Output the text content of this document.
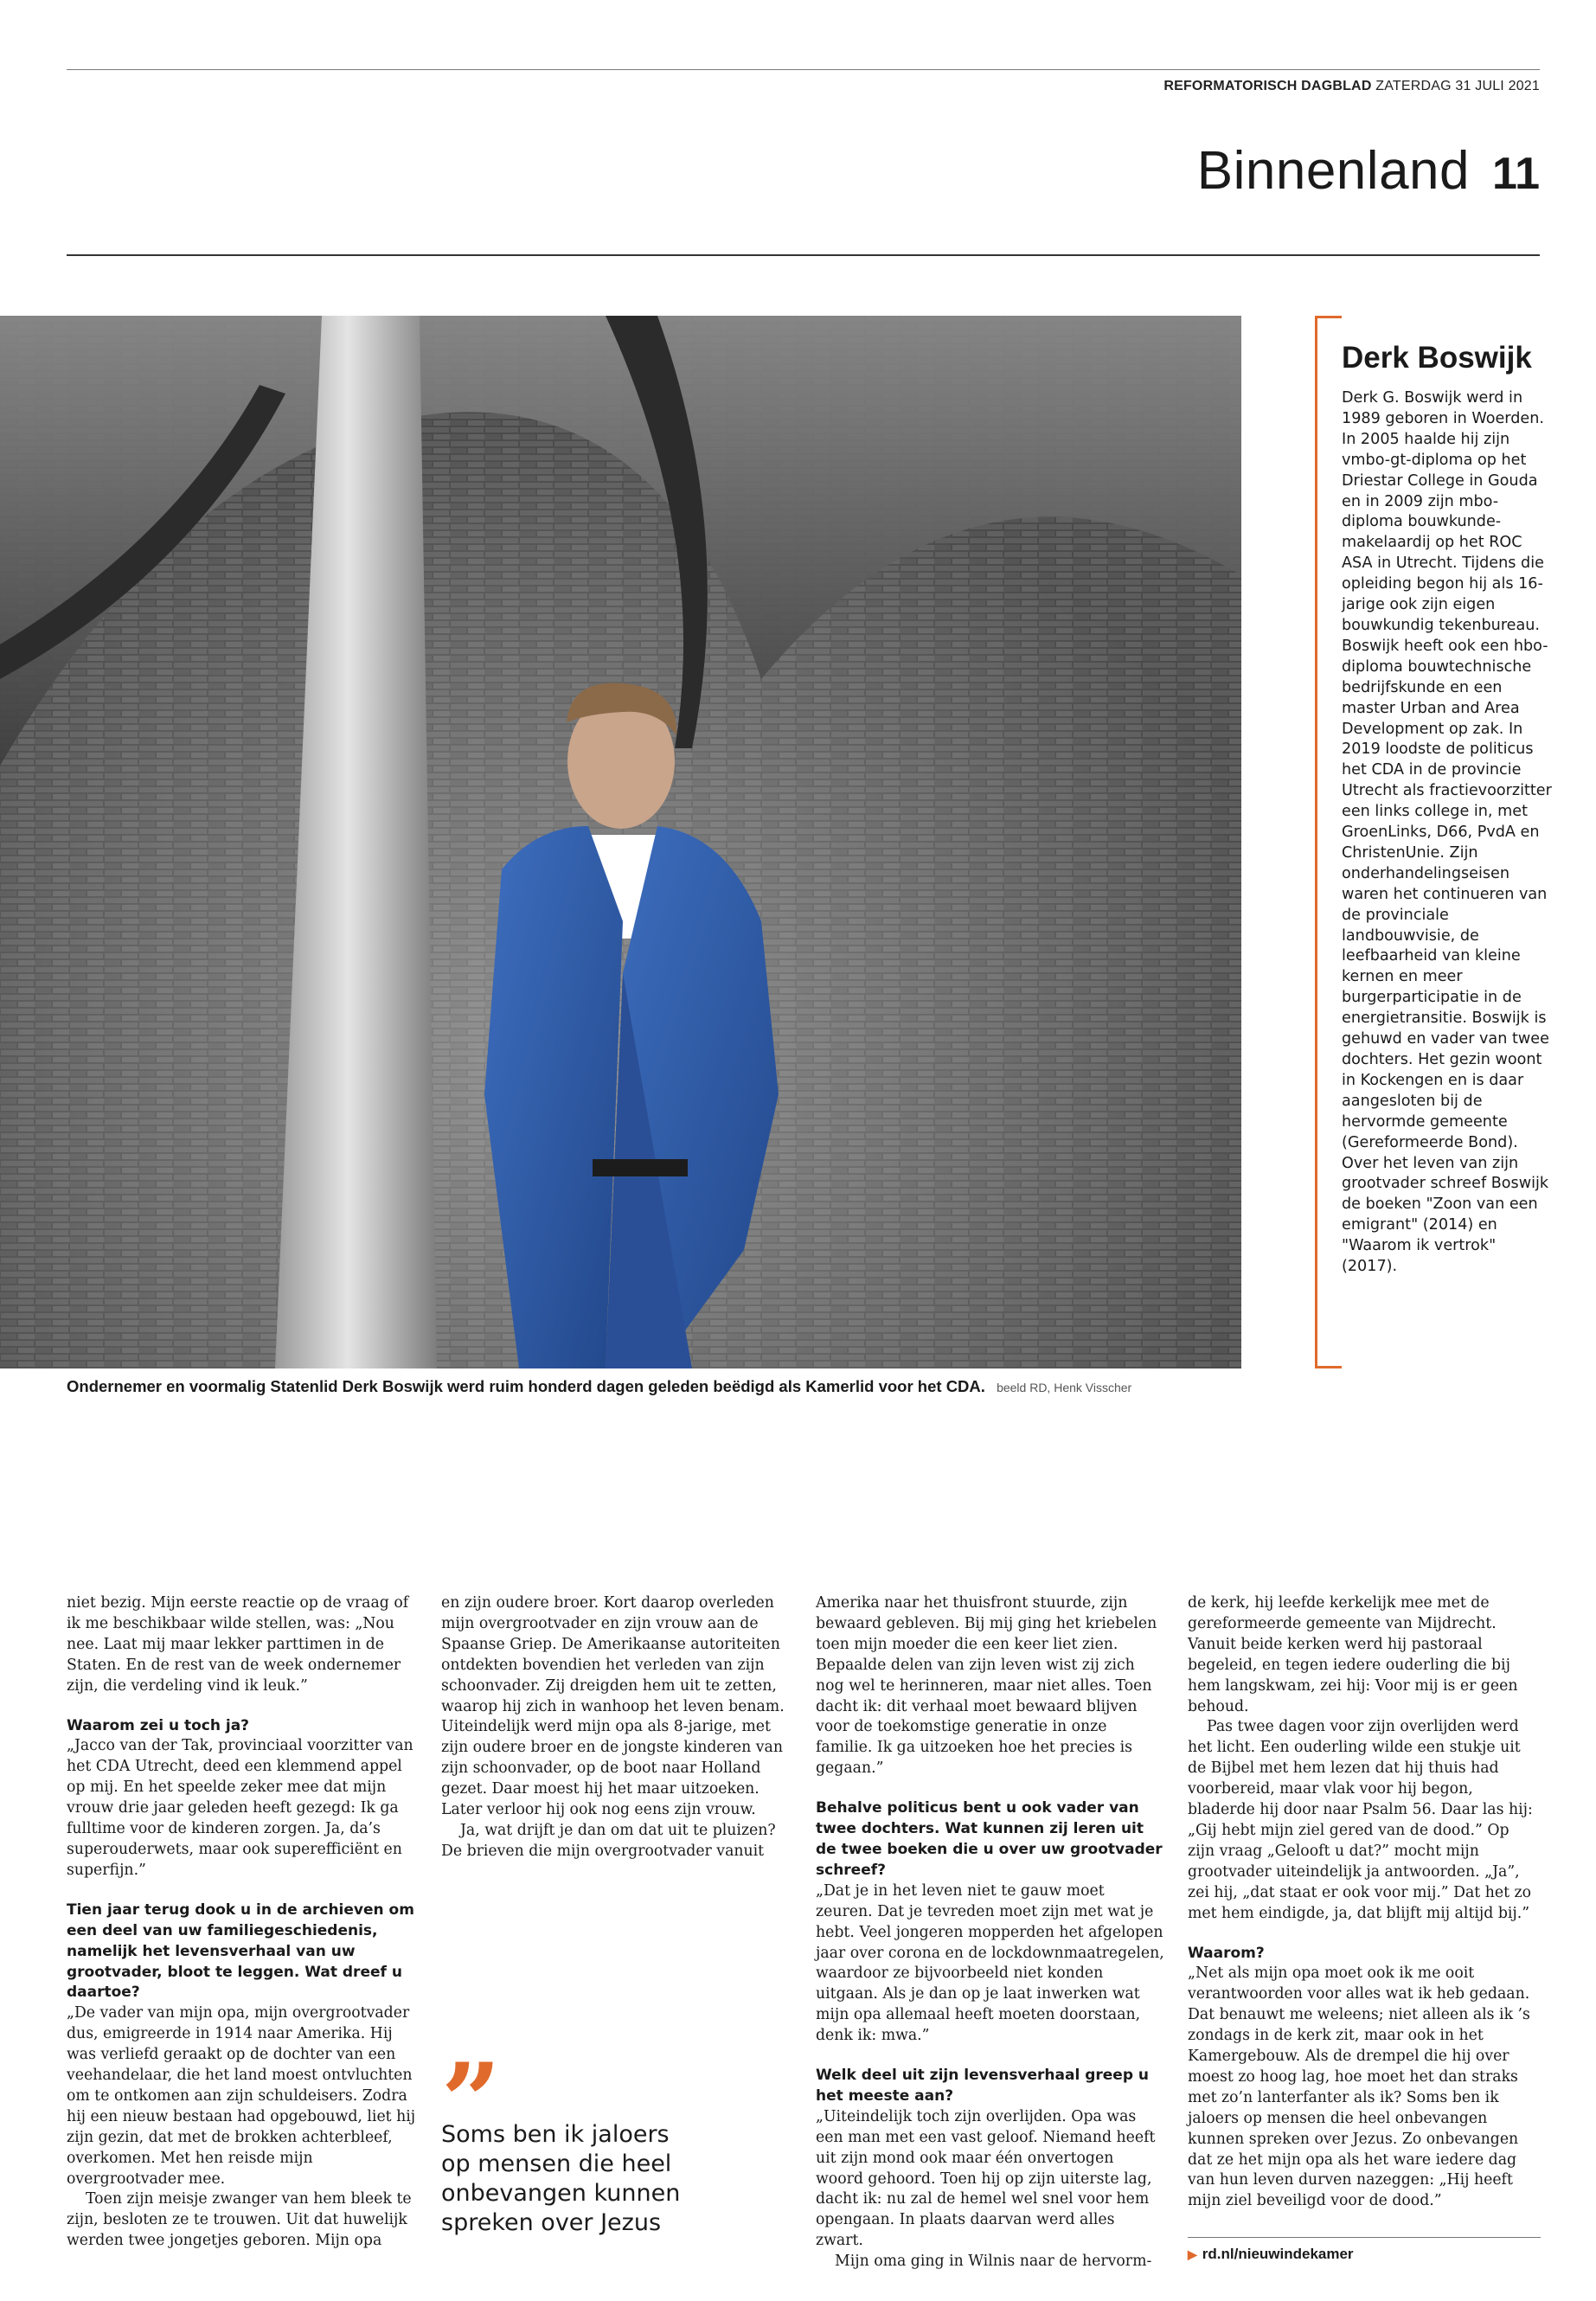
REFORMATORISCH DAGBLAD ZATERDAG 31 JULI 2021
Binnenland 11
Ondernemer en voormalig Statenlid Derk Boswijk werd ruim honderd dagen geleden beëdigd als Kamerlid voor het CDA. beeld RD, Henk Visscher
Derk Boswijk
Derk G. Boswijk werd in 1989 geboren in Woerden. In 2005 haalde hij zijn vmbo-gt-diploma op het Driestar College in Gouda en in 2009 zijn mbo-diploma bouwkunde-makelaardij op het ROC ASA in Utrecht. Tijdens die opleiding begon hij als 16-jarige ook zijn eigen bouwkundig tekenbureau. Boswijk heeft ook een hbo-diploma bouwtechnische bedrijfskunde en een master Urban and Area Development op zak. In 2019 loodste de politicus het CDA in de provincie Utrecht als fractievoorzitter een links college in, met GroenLinks, D66, PvdA en ChristenUnie. Zijn onderhandelingseisen waren het continueren van de provinciale landbouwvisie, de leefbaarheid van kleine kernen en meer burgerparticipatie in de energietransitie. Boswijk is gehuwd en vader van twee dochters. Het gezin woont in Kockengen en is daar aangesloten bij de hervormde gemeente (Gereformeerde Bond). Over het leven van zijn grootvader schreef Boswijk de boeken "Zoon van een emigrant" (2014) en "Waarom ik vertrok" (2017).

niet bezig. Mijn eerste reactie op de vraag of ik me beschikbaar wilde stellen, was: „Nou nee. Laat mij maar lekker parttimen in de Staten. En de rest van de week ondernemer zijn, die verdeling vind ik leuk.”

Waarom zei u toch ja?

„Jacco van der Tak, provinciaal voorzitter van het CDA Utrecht, deed een klemmend appel op mij. En het speelde zeker mee dat mijn vrouw drie jaar geleden heeft gezegd: Ik ga fulltime voor de kinderen zorgen. Ja, da’s superouderwets, maar ook superefficiënt en superfijn.”

Tien jaar terug dook u in de archieven om een deel van uw familiegeschiedenis, namelijk het levensverhaal van uw grootvader, bloot te leggen. Wat dreef u daartoe?

„De vader van mijn opa, mijn overgrootvader dus, emigreerde in 1914 naar Amerika. Hij was verliefd geraakt op de dochter van een veehandelaar, die het land moest ontvluchten om te ontkomen aan zijn schuldeisers. Zodra hij een nieuw bestaan had opgebouwd, liet hij zijn gezin, dat met de brokken achterbleef, overkomen. Met hen reisde mijn overgrootvader mee.

Toen zijn meisje zwanger van hem bleek te zijn, besloten ze te trouwen. Uit dat huwelijk werden twee jongetjes geboren. Mijn opa

en zijn oudere broer. Kort daarop overleden mijn overgrootvader en zijn vrouw aan de Spaanse Griep. De Amerikaanse autoriteiten ontdekten bovendien het verleden van zijn schoonvader. Zij dreigden hem uit te zetten, waarop hij zich in wanhoop het leven benam. Uiteindelijk werd mijn opa als 8-jarige, met zijn oudere broer en de jongste kinderen van zijn schoonvader, op de boot naar Holland gezet. Daar moest hij het maar uitzoeken. Later verloor hij ook nog eens zijn vrouw.

Ja, wat drijft je dan om dat uit te pluizen? De brieven die mijn overgrootvader vanuit

”
Soms ben ik jaloers op mensen die heel onbevangen kunnen spreken over Jezus

Amerika naar het thuisfront stuurde, zijn bewaard gebleven. Bij mij ging het kriebelen toen mijn moeder die een keer liet zien. Bepaalde delen van zijn leven wist zij zich nog wel te herinneren, maar niet alles. Toen dacht ik: dit verhaal moet bewaard blijven voor de toekomstige generatie in onze familie. Ik ga uitzoeken hoe het precies is gegaan.”

Behalve politicus bent u ook vader van twee dochters. Wat kunnen zij leren uit de twee boeken die u over uw grootvader schreef?

„Dat je in het leven niet te gauw moet zeuren. Dat je tevreden moet zijn met wat je hebt. Veel jongeren mopperden het afgelopen jaar over corona en de lockdownmaatregelen, waardoor ze bijvoorbeeld niet konden uitgaan. Als je dan op je laat inwerken wat mijn opa allemaal heeft moeten doorstaan, denk ik: mwa.”

Welk deel uit zijn levensverhaal greep u het meeste aan?

„Uiteindelijk toch zijn overlijden. Opa was een man met een vast geloof. Niemand heeft uit zijn mond ook maar één onvertogen woord gehoord. Toen hij op zijn uiterste lag, dacht ik: nu zal de hemel wel snel voor hem opengaan. In plaats daarvan werd alles zwart.

Mijn oma ging in Wilnis naar de hervorm-

de kerk, hij leefde kerkelijk mee met de gereformeerde gemeente van Mijdrecht. Vanuit beide kerken werd hij pastoraal begeleid, en tegen iedere ouderling die bij hem langskwam, zei hij: Voor mij is er geen behoud.

Pas twee dagen voor zijn overlijden werd het licht. Een ouderling wilde een stukje uit de Bijbel met hem lezen dat hij thuis had voorbereid, maar vlak voor hij begon, bladerde hij door naar Psalm 56. Daar las hij: „Gij hebt mijn ziel gered van de dood.” Op zijn vraag „Gelooft u dat?” mocht mijn grootvader uiteindelijk ja antwoorden. „Ja”, zei hij, „dat staat er ook voor mij.” Dat het zo met hem eindigde, ja, dat blijft mij altijd bij.”

Waarom?

„Net als mijn opa moet ook ik me ooit verantwoorden voor alles wat ik heb gedaan. Dat benauwt me weleens; niet alleen als ik ’s zondags in de kerk zit, maar ook in het Kamergebouw. Als de drempel die hij over moest zo hoog lag, hoe moet het dan straks met zo’n lanterfanter als ik? Soms ben ik jaloers op mensen die heel onbevangen kunnen spreken over Jezus. Zo onbevangen dat ze het mijn opa als het ware iedere dag van hun leven durven nazeggen: „Hij heeft mijn ziel beveiligd voor de dood.”

▶ rd.nl/nieuwindekamer
